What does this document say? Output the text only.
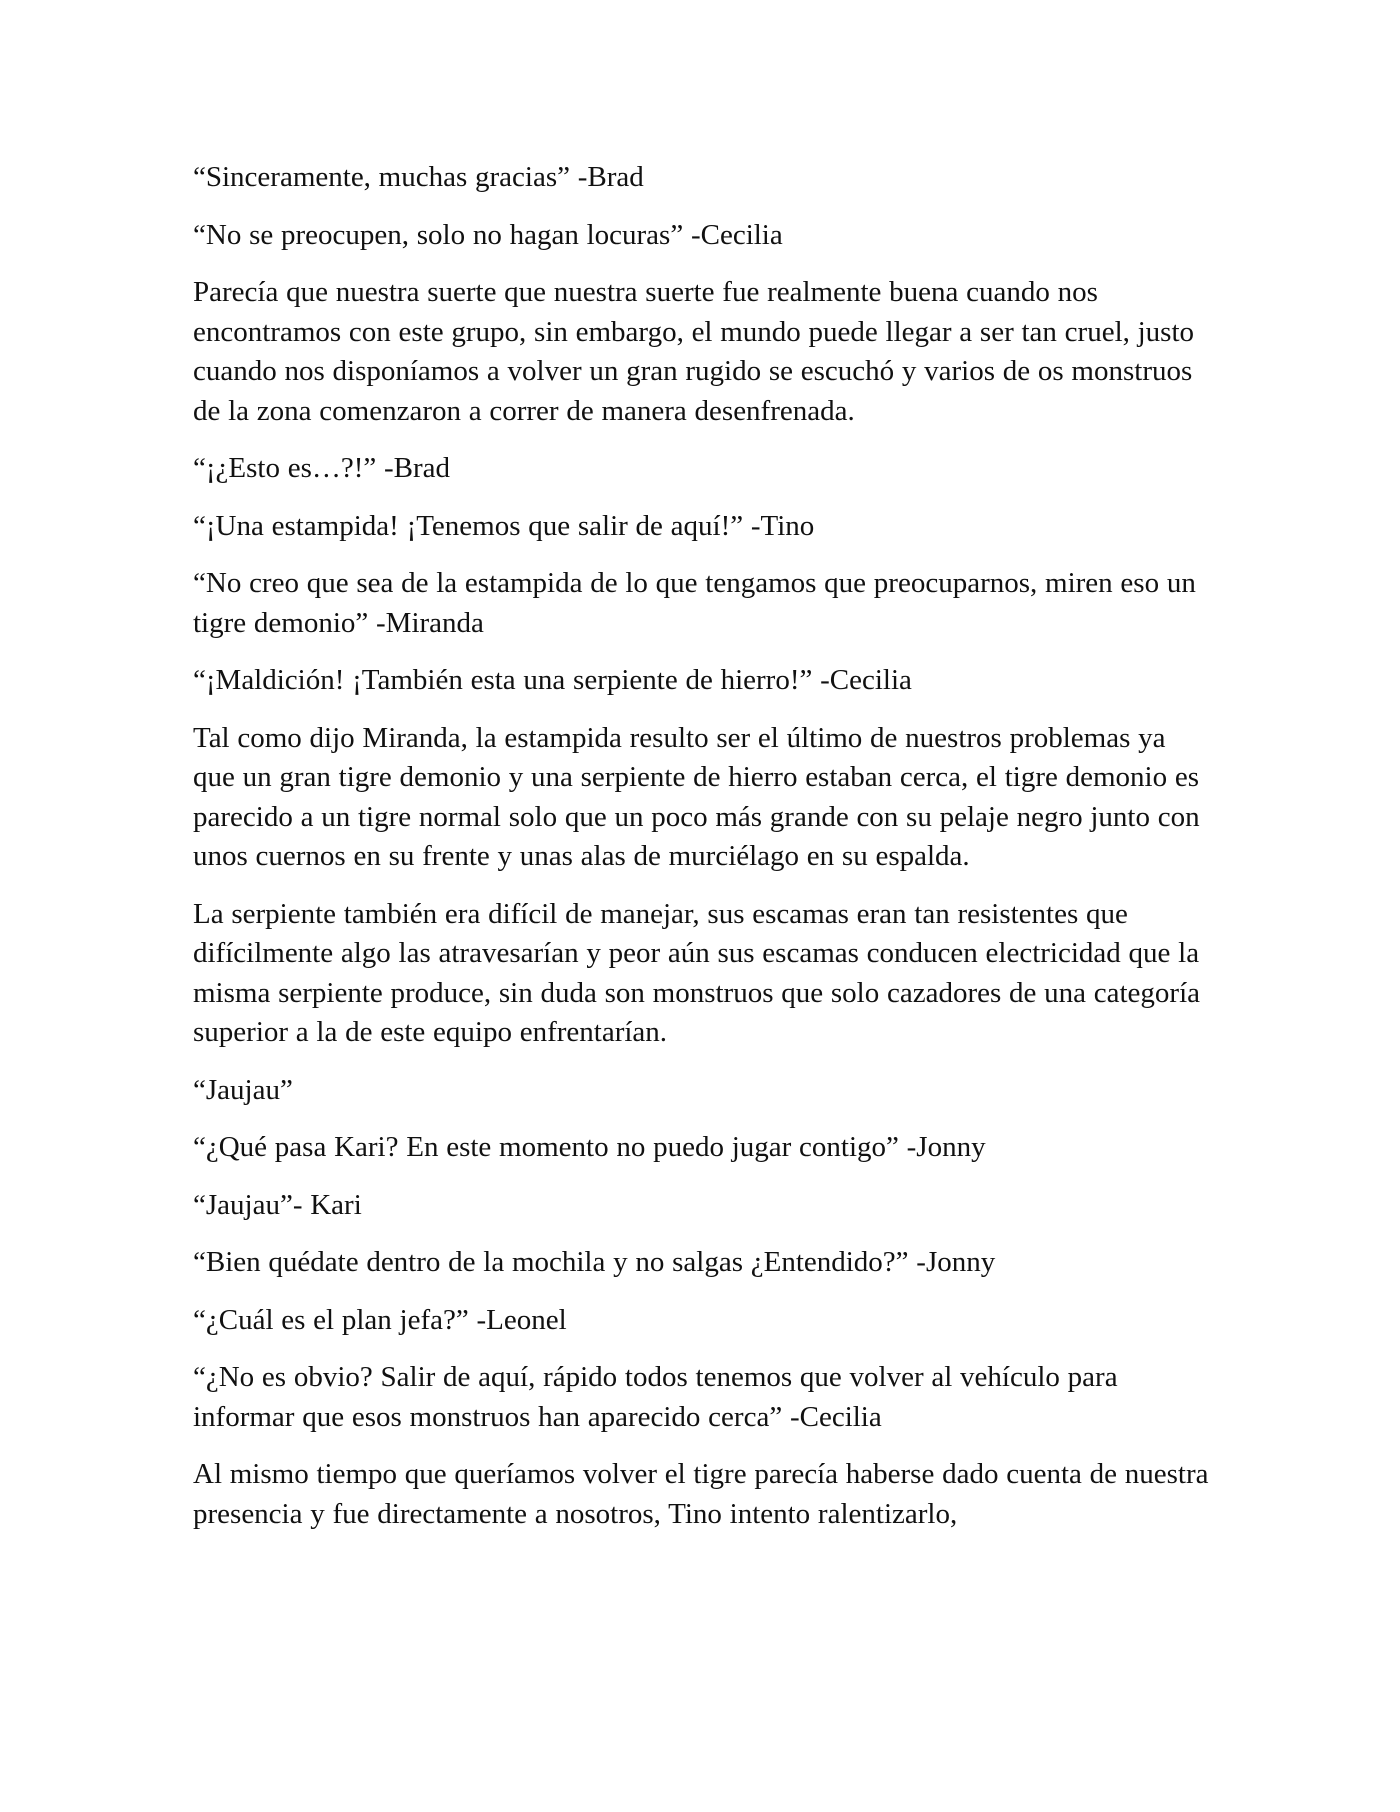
“Sinceramente, muchas gracias” -Brad

“No se preocupen, solo no hagan locuras” -Cecilia

Parecía que nuestra suerte que nuestra suerte fue realmente buena cuando nos encontramos con este grupo, sin embargo, el mundo puede llegar a ser tan cruel, justo cuando nos disponíamos a volver un gran rugido se escuchó y varios de os monstruos de la zona comenzaron a correr de manera desenfrenada.

“¡¿Esto es…?!” -Brad

“¡Una estampida! ¡Tenemos que salir de aquí!” -Tino

“No creo que sea de la estampida de lo que tengamos que preocuparnos, miren eso un tigre demonio” -Miranda

“¡Maldición! ¡También esta una serpiente de hierro!” -Cecilia

Tal como dijo Miranda, la estampida resulto ser el último de nuestros problemas ya que un gran tigre demonio y una serpiente de hierro estaban cerca, el tigre demonio es parecido a un tigre normal solo que un poco más grande con su pelaje negro junto con unos cuernos en su frente y unas alas de murciélago en su espalda.

La serpiente también era difícil de manejar, sus escamas eran tan resistentes que difícilmente algo las atravesarían y peor aún sus escamas conducen electricidad que la misma serpiente produce, sin duda son monstruos que solo cazadores de una categoría superior a la de este equipo enfrentarían.

“Jaujau”

“¿Qué pasa Kari? En este momento no puedo jugar contigo” -Jonny

“Jaujau”- Kari

“Bien quédate dentro de la mochila y no salgas ¿Entendido?” -Jonny

“¿Cuál es el plan jefa?” -Leonel

“¿No es obvio? Salir de aquí, rápido todos tenemos que volver al vehículo para informar que esos monstruos han aparecido cerca” -Cecilia

Al mismo tiempo que queríamos volver el tigre parecía haberse dado cuenta de nuestra presencia y fue directamente a nosotros, Tino intento ralentizarlo,
